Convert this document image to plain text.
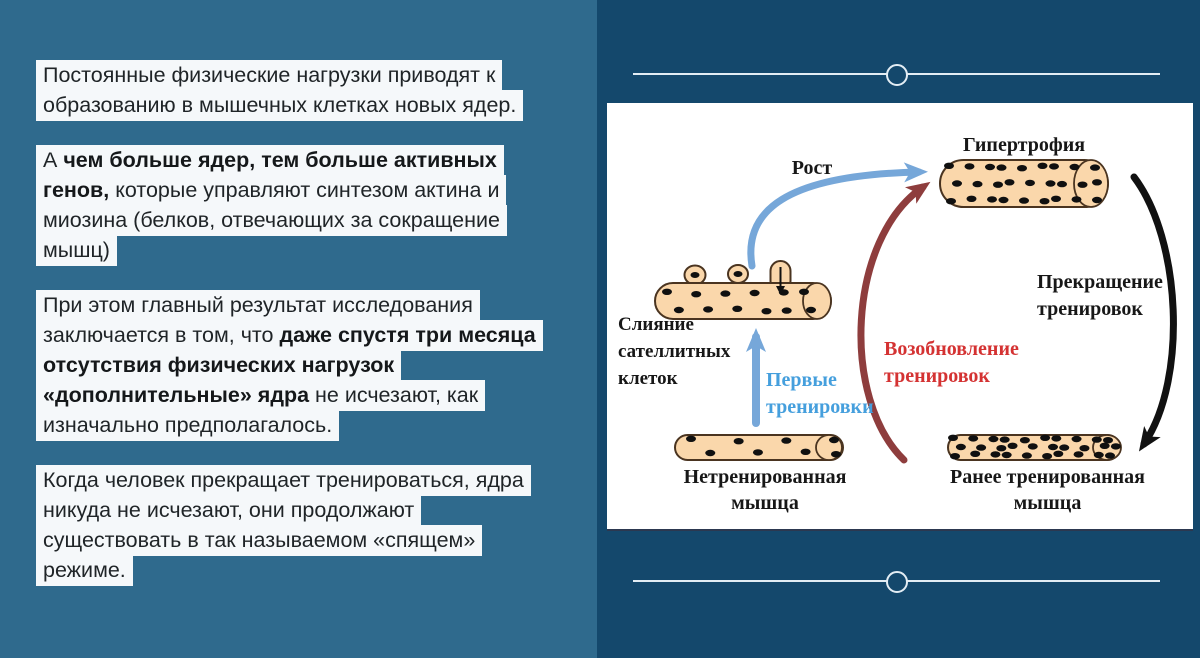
Постоянные физические нагрузки приводят к образованию в мышечных клетках новых ядер.

А чем больше ядер, тем больше активных генов, которые управляют синтезом актина и миозина (белков, отвечающих за сокращение мышц)

При этом главный результат исследования заключается в том, что даже спустя три месяца отсутствия физических нагрузок «дополнительные» ядра не исчезают, как изначально предполагалось.

Когда человек прекращает тренироваться, ядра никуда не исчезают, они продолжают существовать в так называемом «спящем» режиме.

Гипертрофия
Рост
Слияние
сателлитных
клеток	Первые
тренировки
Возобновление
тренировок
Прекращение
тренировок
Нетренированная
мышца
Ранее тренированная
мышца
